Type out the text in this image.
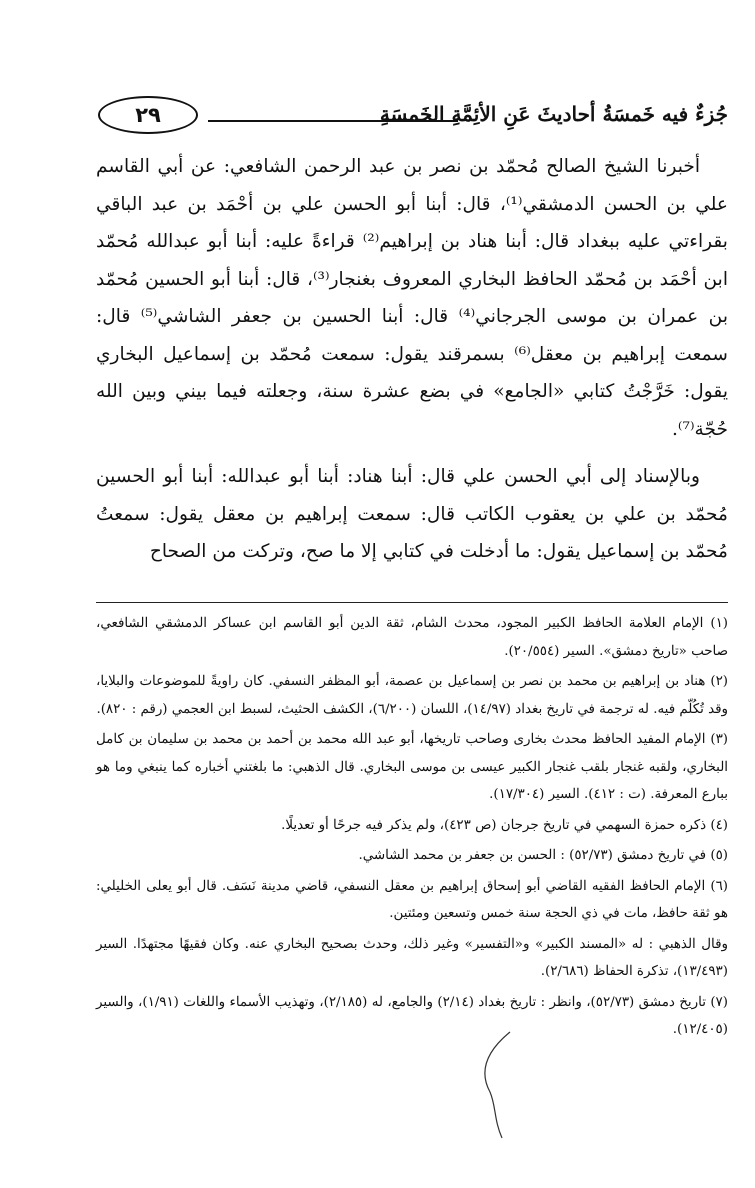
جُزءٌ فيه خَمسَةُ أحاديثَ عَنِ الأئِمَّةِ الخَمسَةِ
٢٩

أخبرنا الشيخ الصالح مُحمّد بن نصر بن عبد الرحمن الشافعي: عن أبي القاسم علي بن الحسن الدمشقي⁽¹⁾، قال: أبنا أبو الحسن علي بن أحْمَد بن عبد الباقي بقراءتي عليه ببغداد قال: أبنا هناد بن إبراهيم⁽²⁾ قراءةً عليه: أبنا أبو عبدالله مُحمّد ابن أحْمَد بن مُحمّد الحافظ البخاري المعروف بغنجار⁽³⁾، قال: أبنا أبو الحسين مُحمّد بن عمران بن موسى الجرجاني⁽⁴⁾ قال: أبنا الحسين بن جعفر الشاشي⁽⁵⁾ قال: سمعت إبراهيم بن معقل⁽⁶⁾ بسمرقند يقول: سمعت مُحمّد بن إسماعيل البخاري يقول: خَرَّجْتُ كتابي «الجامع» في بضع عشرة سنة، وجعلته فيما بيني وبين الله حُجّة⁽⁷⁾.

وبالإسناد إلى أبي الحسن علي قال: أبنا هناد: أبنا أبو عبدالله: أبنا أبو الحسين مُحمّد بن علي بن يعقوب الكاتب قال: سمعت إبراهيم بن معقل يقول: سمعتُ مُحمّد بن إسماعيل يقول: ما أدخلت في كتابي إلا ما صح، وتركت من الصحاح

(١) الإمام العلامة الحافظ الكبير المجود، محدث الشام، ثقة الدين أبو القاسم ابن عساكر الدمشقي الشافعي، صاحب «تاريخ دمشق». السير (٢٠/٥٥٤).

(٢) هناد بن إبراهيم بن محمد بن نصر بن إسماعيل بن عصمة، أبو المظفر النسفي. كان راويةً للموضوعات والبلايا، وقد تُكُلّم فيه. له ترجمة في تاريخ بغداد (١٤/٩٧)، اللسان (٦/٢٠٠)، الكشف الحثيث، لسبط ابن العجمي (رقم : ٨٢٠).

(٣) الإمام المفيد الحافظ محدث بخارى وصاحب تاريخها، أبو عبد الله محمد بن أحمد بن محمد بن سليمان بن كامل البخاري، ولقبه غنجار بلقب غنجار الكبير عيسى بن موسى البخاري. قال الذهبي: ما بلغتني أخباره كما ينبغي وما هو ببارع المعرفة. (ت : ٤١٢). السير (١٧/٣٠٤).

(٤) ذكره حمزة السهمي في تاريخ جرجان (ص ٤٢٣)، ولم يذكر فيه جرحًا أو تعديلًا.

(٥) في تاريخ دمشق (٥٢/٧٣) : الحسن بن جعفر بن محمد الشاشي.

(٦) الإمام الحافظ الفقيه القاضي أبو إسحاق إبراهيم بن معقل النسفي، قاضي مدينة نَسَف. قال أبو يعلى الخليلي: هو ثقة حافظ، مات في ذي الحجة سنة خمس وتسعين ومئتين.

وقال الذهبي : له «المسند الكبير» و«التفسير» وغير ذلك، وحدث بصحيح البخاري عنه. وكان فقيهًا مجتهدًا. السير (١٣/٤٩٣)، تذكرة الحفاظ (٢/٦٨٦).

(٧) تاريخ دمشق (٥٢/٧٣)، وانظر : تاريخ بغداد (٢/١٤) والجامع، له (٢/١٨٥)، وتهذيب الأسماء واللغات (١/٩١)، والسير (١٢/٤٠٥).
